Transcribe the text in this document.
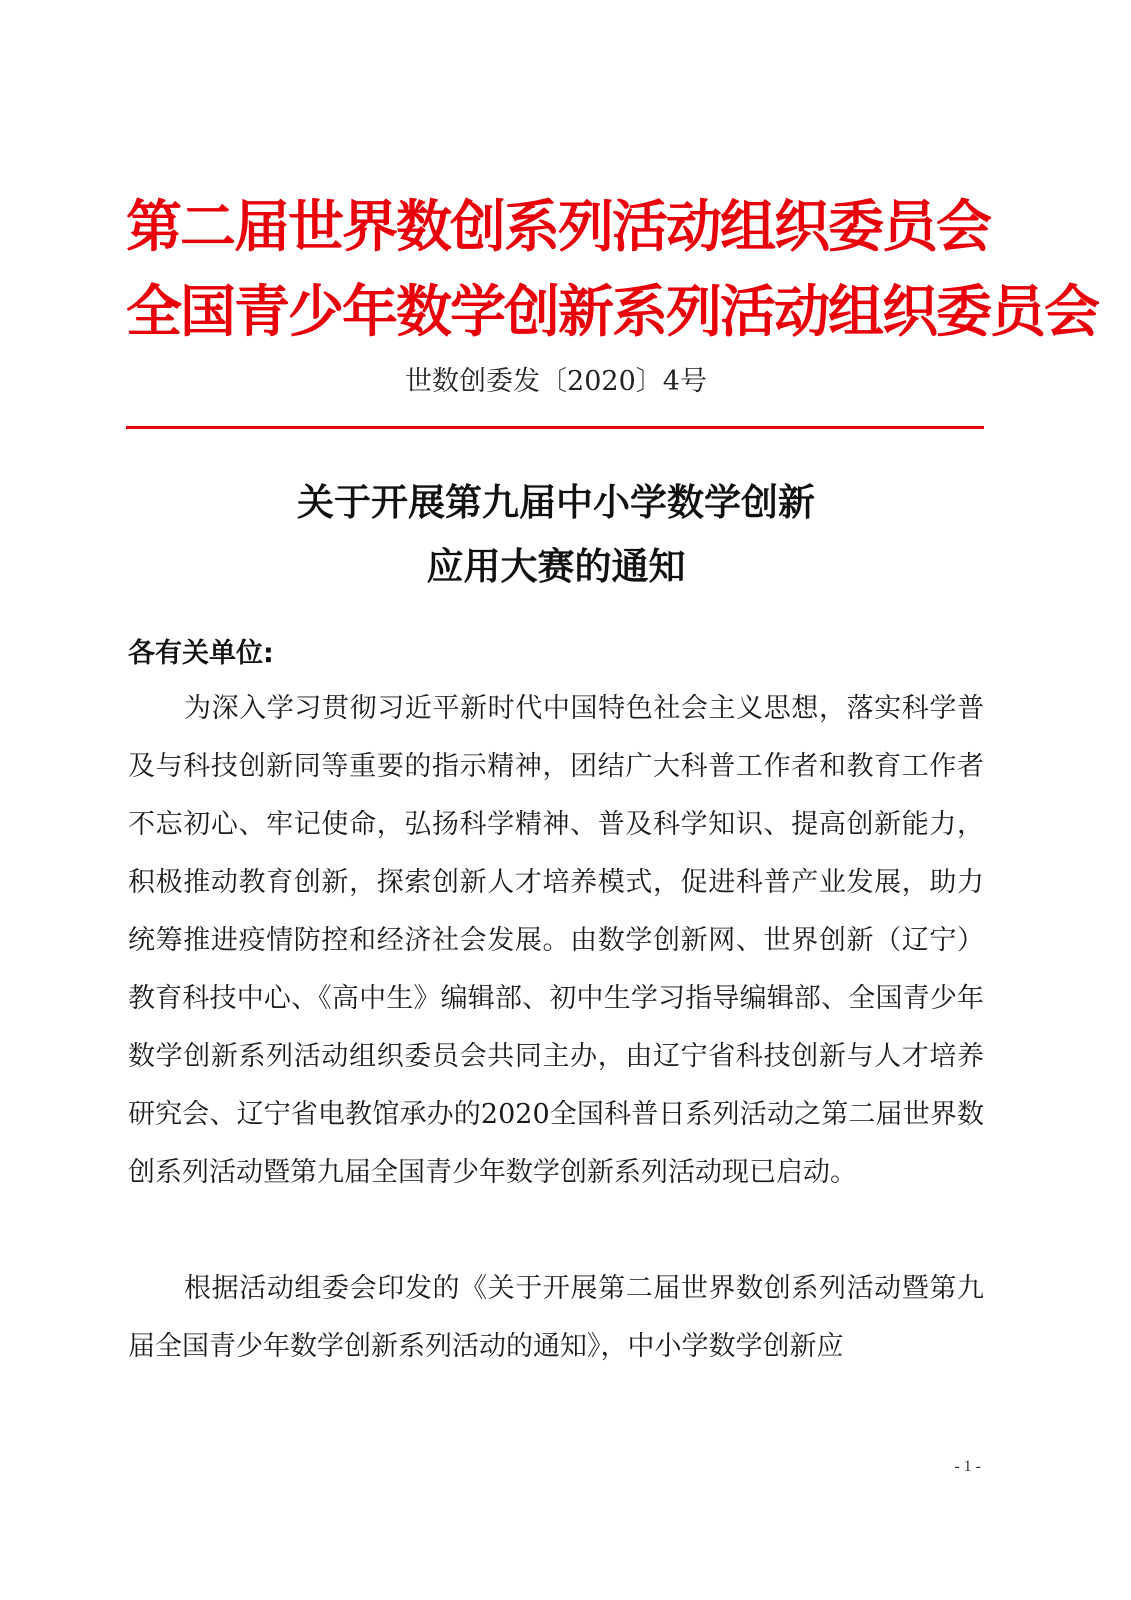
第二届世界数创系列活动组织委员会
全国青少年数学创新系列活动组织委员会
世数创委发〔2020〕4号
关于开展第九届中小学数学创新
应用大赛的通知
各有关单位:

为深入学习贯彻习近平新时代中国特色社会主义思想，落实科学普及与科技创新同等重要的指示精神，团结广大科普工作者和教育工作者不忘初心、牢记使命，弘扬科学精神、普及科学知识、提高创新能力，积极推动教育创新，探索创新人才培养模式，促进科普产业发展，助力统筹推进疫情防控和经济社会发展。由数学创新网、世界创新（辽宁）教育科技中心、《高中生》编辑部、初中生学习指导编辑部、全国青少年数学创新系列活动组织委员会共同主办，由辽宁省科技创新与人才培养研究会、辽宁省电教馆承办的2020全国科普日系列活动之第二届世界数创系列活动暨第九届全国青少年数学创新系列活动现已启动。

根据活动组委会印发的《关于开展第二届世界数创系列活动暨第九届全国青少年数学创新系列活动的通知》，中小学数学创新应

- 1 -
